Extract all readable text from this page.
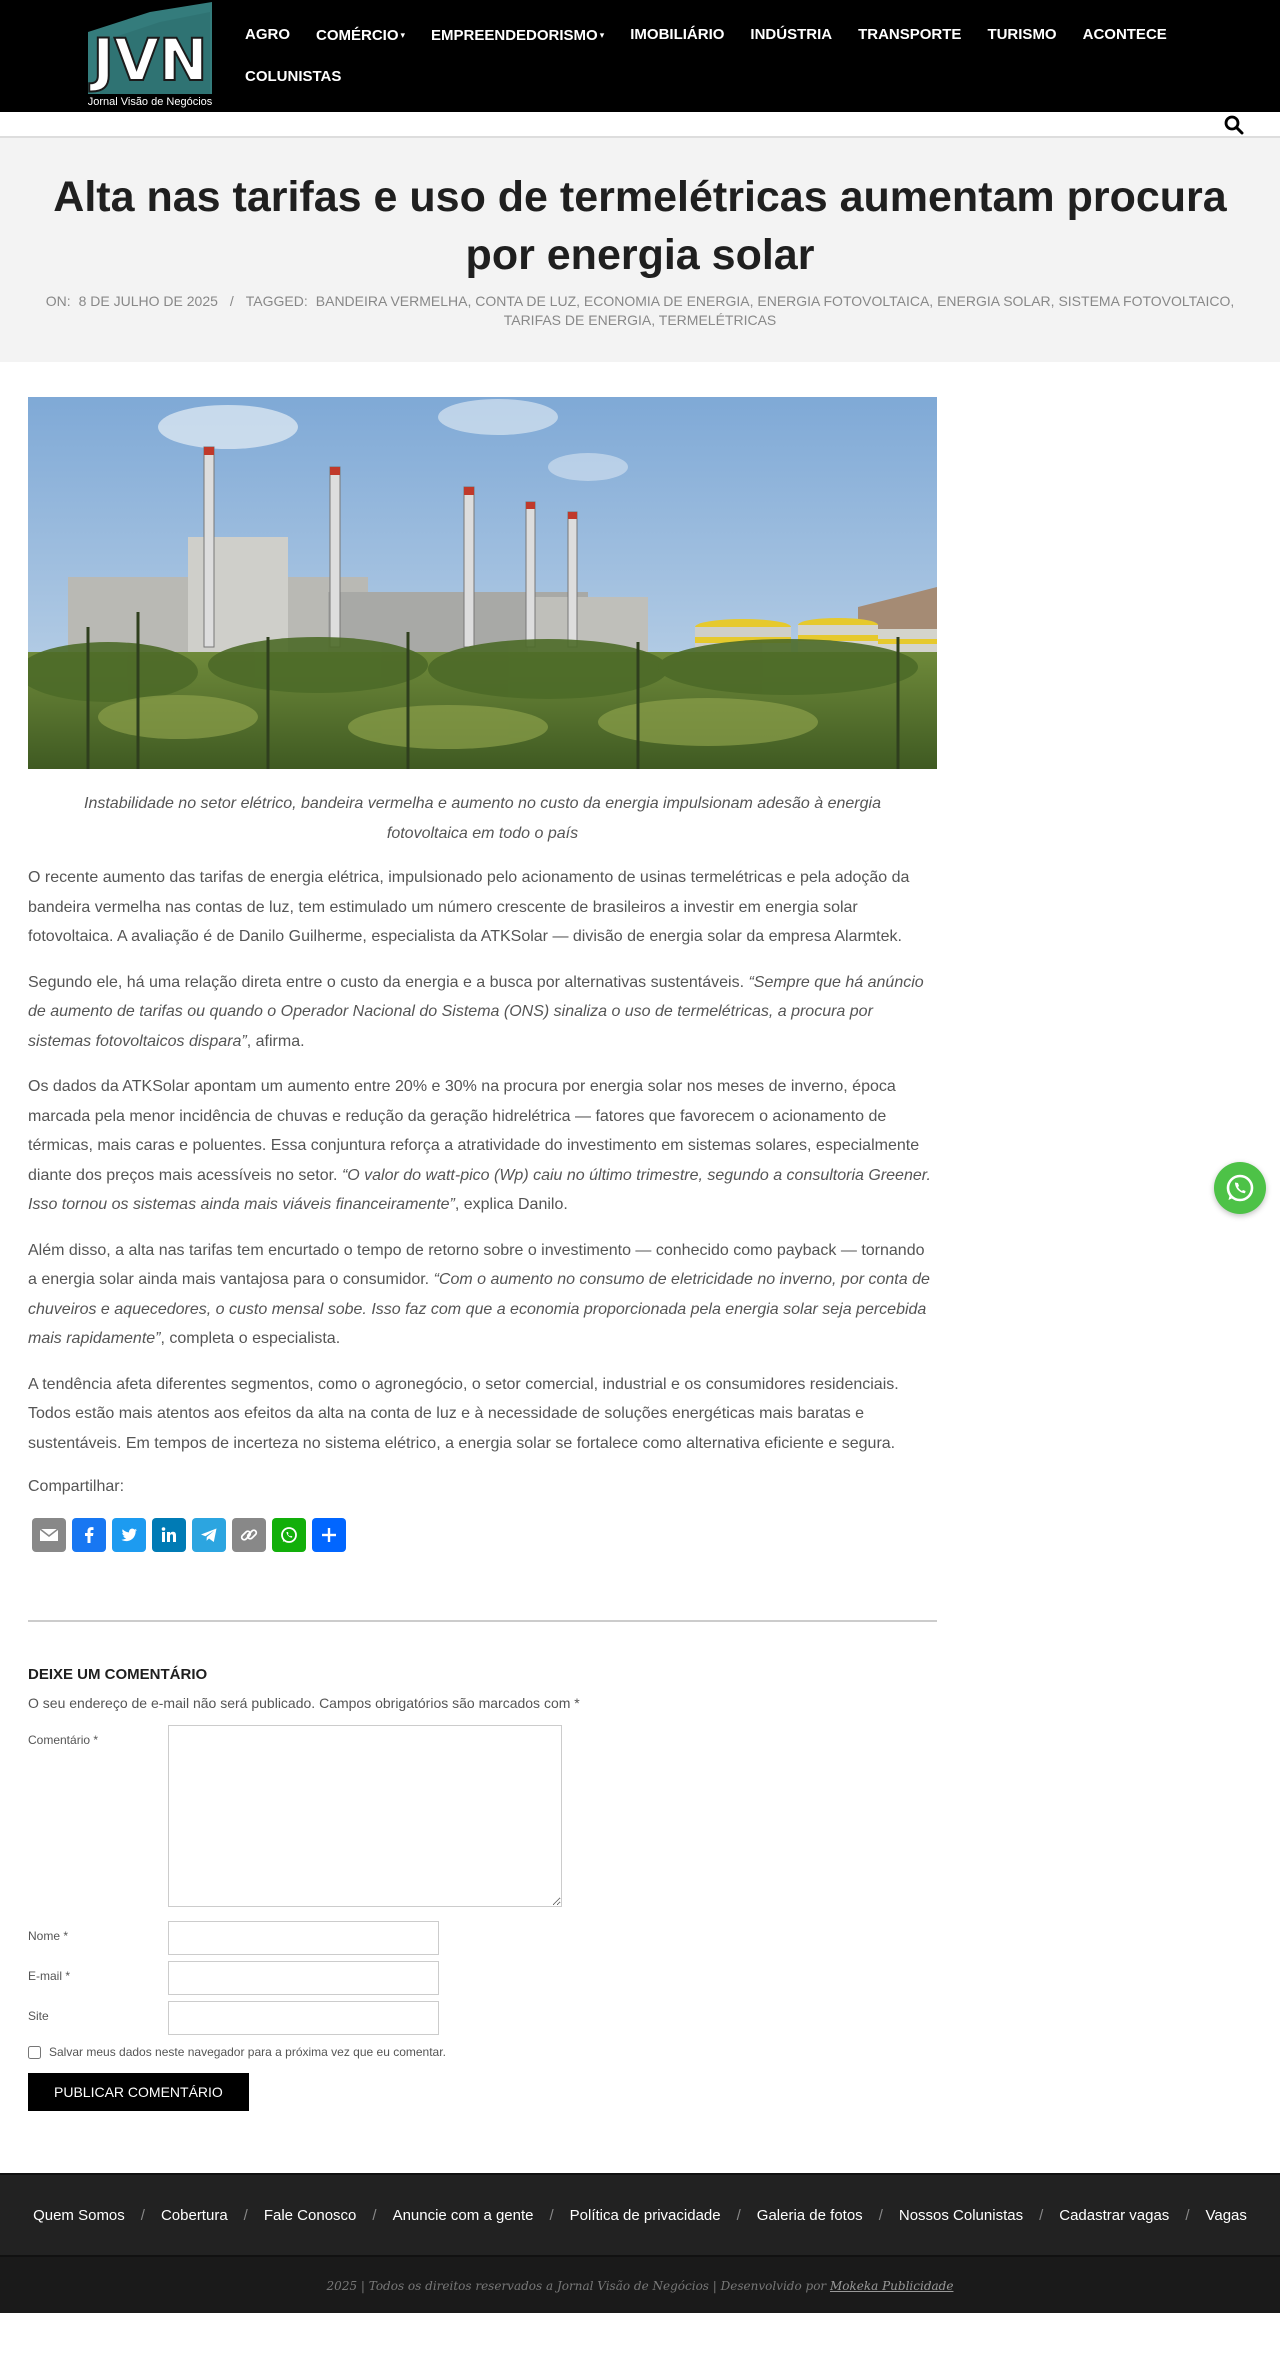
JVN
Jornal Visão de Negócios
AGRO	COMÉRCIO ▾	EMPREENDEDORISMO ▾	IMOBILIÁRIO	INDÚSTRIA	TRANSPORTE	TURISMO	ACONTECE
COLUNISTAS
Alta nas tarifas e uso de termelétricas aumentam procura por energia solar
ON: 8 DE JULHO DE 2025 / TAGGED: BANDEIRA VERMELHA, CONTA DE LUZ, ECONOMIA DE ENERGIA, ENERGIA FOTOVOLTAICA, ENERGIA SOLAR, SISTEMA FOTOVOLTAICO, TARIFAS DE ENERGIA, TERMELÉTRICAS

Instabilidade no setor elétrico, bandeira vermelha e aumento no custo da energia impulsionam adesão à energia fotovoltaica em todo o país

O recente aumento das tarifas de energia elétrica, impulsionado pelo acionamento de usinas termelétricas e pela adoção da bandeira vermelha nas contas de luz, tem estimulado um número crescente de brasileiros a investir em energia solar fotovoltaica. A avaliação é de Danilo Guilherme, especialista da ATKSolar — divisão de energia solar da empresa Alarmtek.

Segundo ele, há uma relação direta entre o custo da energia e a busca por alternativas sustentáveis. “Sempre que há anúncio de aumento de tarifas ou quando o Operador Nacional do Sistema (ONS) sinaliza o uso de termelétricas, a procura por sistemas fotovoltaicos dispara”, afirma.

Os dados da ATKSolar apontam um aumento entre 20% e 30% na procura por energia solar nos meses de inverno, época marcada pela menor incidência de chuvas e redução da geração hidrelétrica — fatores que favorecem o acionamento de térmicas, mais caras e poluentes. Essa conjuntura reforça a atratividade do investimento em sistemas solares, especialmente diante dos preços mais acessíveis no setor. “O valor do watt-pico (Wp) caiu no último trimestre, segundo a consultoria Greener. Isso tornou os sistemas ainda mais viáveis financeiramente”, explica Danilo.

Além disso, a alta nas tarifas tem encurtado o tempo de retorno sobre o investimento — conhecido como payback — tornando a energia solar ainda mais vantajosa para o consumidor. “Com o aumento no consumo de eletricidade no inverno, por conta de chuveiros e aquecedores, o custo mensal sobe. Isso faz com que a economia proporcionada pela energia solar seja percebida mais rapidamente”, completa o especialista.

A tendência afeta diferentes segmentos, como o agronegócio, o setor comercial, industrial e os consumidores residenciais. Todos estão mais atentos aos efeitos da alta na conta de luz e à necessidade de soluções energéticas mais baratas e sustentáveis. Em tempos de incerteza no sistema elétrico, a energia solar se fortalece como alternativa eficiente e segura.

Compartilhar:
DEIXE UM COMENTÁRIO

O seu endereço de e-mail não será publicado. Campos obrigatórios são marcados com *

Comentário *
Nome *
E-mail *
Site
Salvar meus dados neste navegador para a próxima vez que eu comentar.
PUBLICAR COMENTÁRIO
Quem Somos / Cobertura / Fale Conosco / Anuncie com a gente / Política de privacidade / Galeria de fotos / Nossos Colunistas / Cadastrar vagas / Vagas
2025 | Todos os direitos reservados a Jornal Visão de Negócios | Desenvolvido por Mokeka Publicidade
